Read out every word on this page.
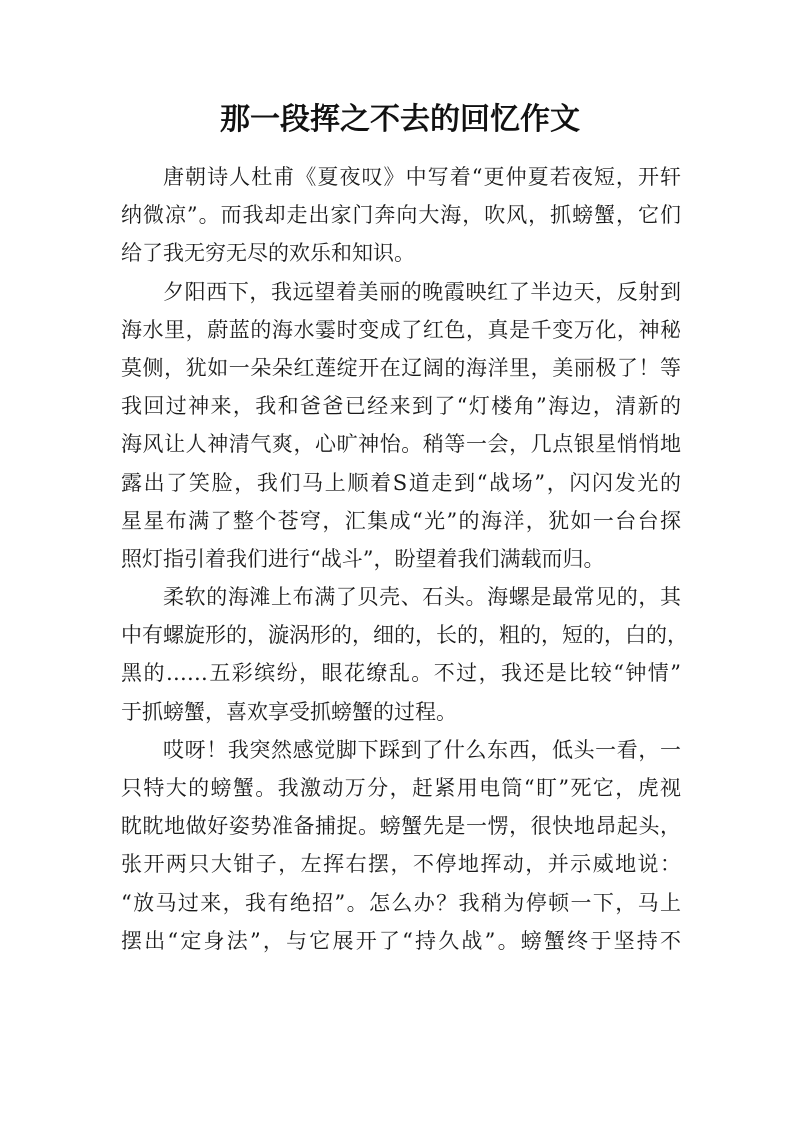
那一段挥之不去的回忆作文

唐朝诗人杜甫《夏夜叹》中写着“更仲夏若夜短，开轩
纳微凉”。而我却走出家门奔向大海，吹风，抓螃蟹，它们
给了我无穷无尽的欢乐和知识。

夕阳西下，我远望着美丽的晚霞映红了半边天，反射到
海水里，蔚蓝的海水霎时变成了红色，真是千变万化，神秘
莫侧，犹如一朵朵红莲绽开在辽阔的海洋里，美丽极了！等
我回过神来，我和爸爸已经来到了“灯楼角”海边，清新的
海风让人神清气爽，心旷神怡。稍等一会，几点银星悄悄地
露出了笑脸，我们马上顺着S道走到“战场”，闪闪发光的
星星布满了整个苍穹，汇集成“光”的海洋，犹如一台台探
照灯指引着我们进行“战斗”，盼望着我们满载而归。

柔软的海滩上布满了贝壳、石头。海螺是最常见的，其
中有螺旋形的，漩涡形的，细的，长的，粗的，短的，白的，
黑的……五彩缤纷，眼花缭乱。不过，我还是比较“钟情”
于抓螃蟹，喜欢享受抓螃蟹的过程。

哎呀！我突然感觉脚下踩到了什么东西，低头一看，一
只特大的螃蟹。我激动万分，赶紧用电筒“盯”死它，虎视
眈眈地做好姿势准备捕捉。螃蟹先是一愣，很快地昂起头，
张开两只大钳子，左挥右摆，不停地挥动，并示威地说：
“放马过来，我有绝招”。怎么办？我稍为停顿一下，马上
摆出“定身法”，与它展开了“持久战”。螃蟹终于坚持不
